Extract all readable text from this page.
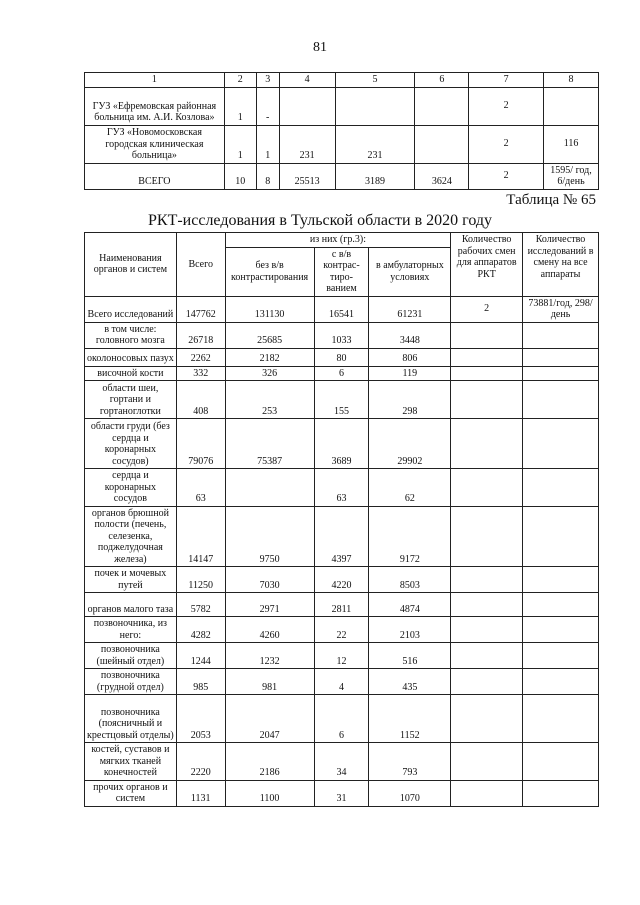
81
1	2	3	4	5	6	7	8
ГУЗ «Ефремовская районная больница им. А.И. Козлова»	1	-				2	
ГУЗ «Новомосковская городская клиническая больница»	1	1	231	231		2	116
ВСЕГО	10	8	25513	3189	3624	2	1595/ год, 6/день
Таблица № 65
РКТ-исследования в Тульской области в 2020 году
Наименования органов и систем	Всего	из них (гр.3):			Количество рабочих смен для аппаратов РКТ	Количество исследований в смену на все аппараты
		без в/в контрастирования	с в/в контрас-тиро-ванием	в амбулаторных условиях		
Всего исследований	147762	131130	16541	61231	2	73881/год, 298/день
в том числе: головного мозга	26718	25685	1033	3448		
околоносовых пазух	2262	2182	80	806		
височной кости	332	326	6	119		
области шеи, гортани и гортаноглотки	408	253	155	298		
области груди (без сердца и коронарных сосудов)	79076	75387	3689	29902		
сердца и коронарных сосудов	63		63	62		
органов брюшной полости (печень, селезенка, поджелудочная железа)	14147	9750	4397	9172		
почек и мочевых путей	11250	7030	4220	8503		
органов малого таза	5782	2971	2811	4874		
позвоночника, из него:	4282	4260	22	2103		
позвоночника (шейный отдел)	1244	1232	12	516		
позвоночника (грудной отдел)	985	981	4	435		
позвоночника (поясничный и крестцовый отделы)	2053	2047	6	1152		
костей, суставов и мягких тканей конечностей	2220	2186	34	793		
прочих органов и систем	1131	1100	31	1070		
